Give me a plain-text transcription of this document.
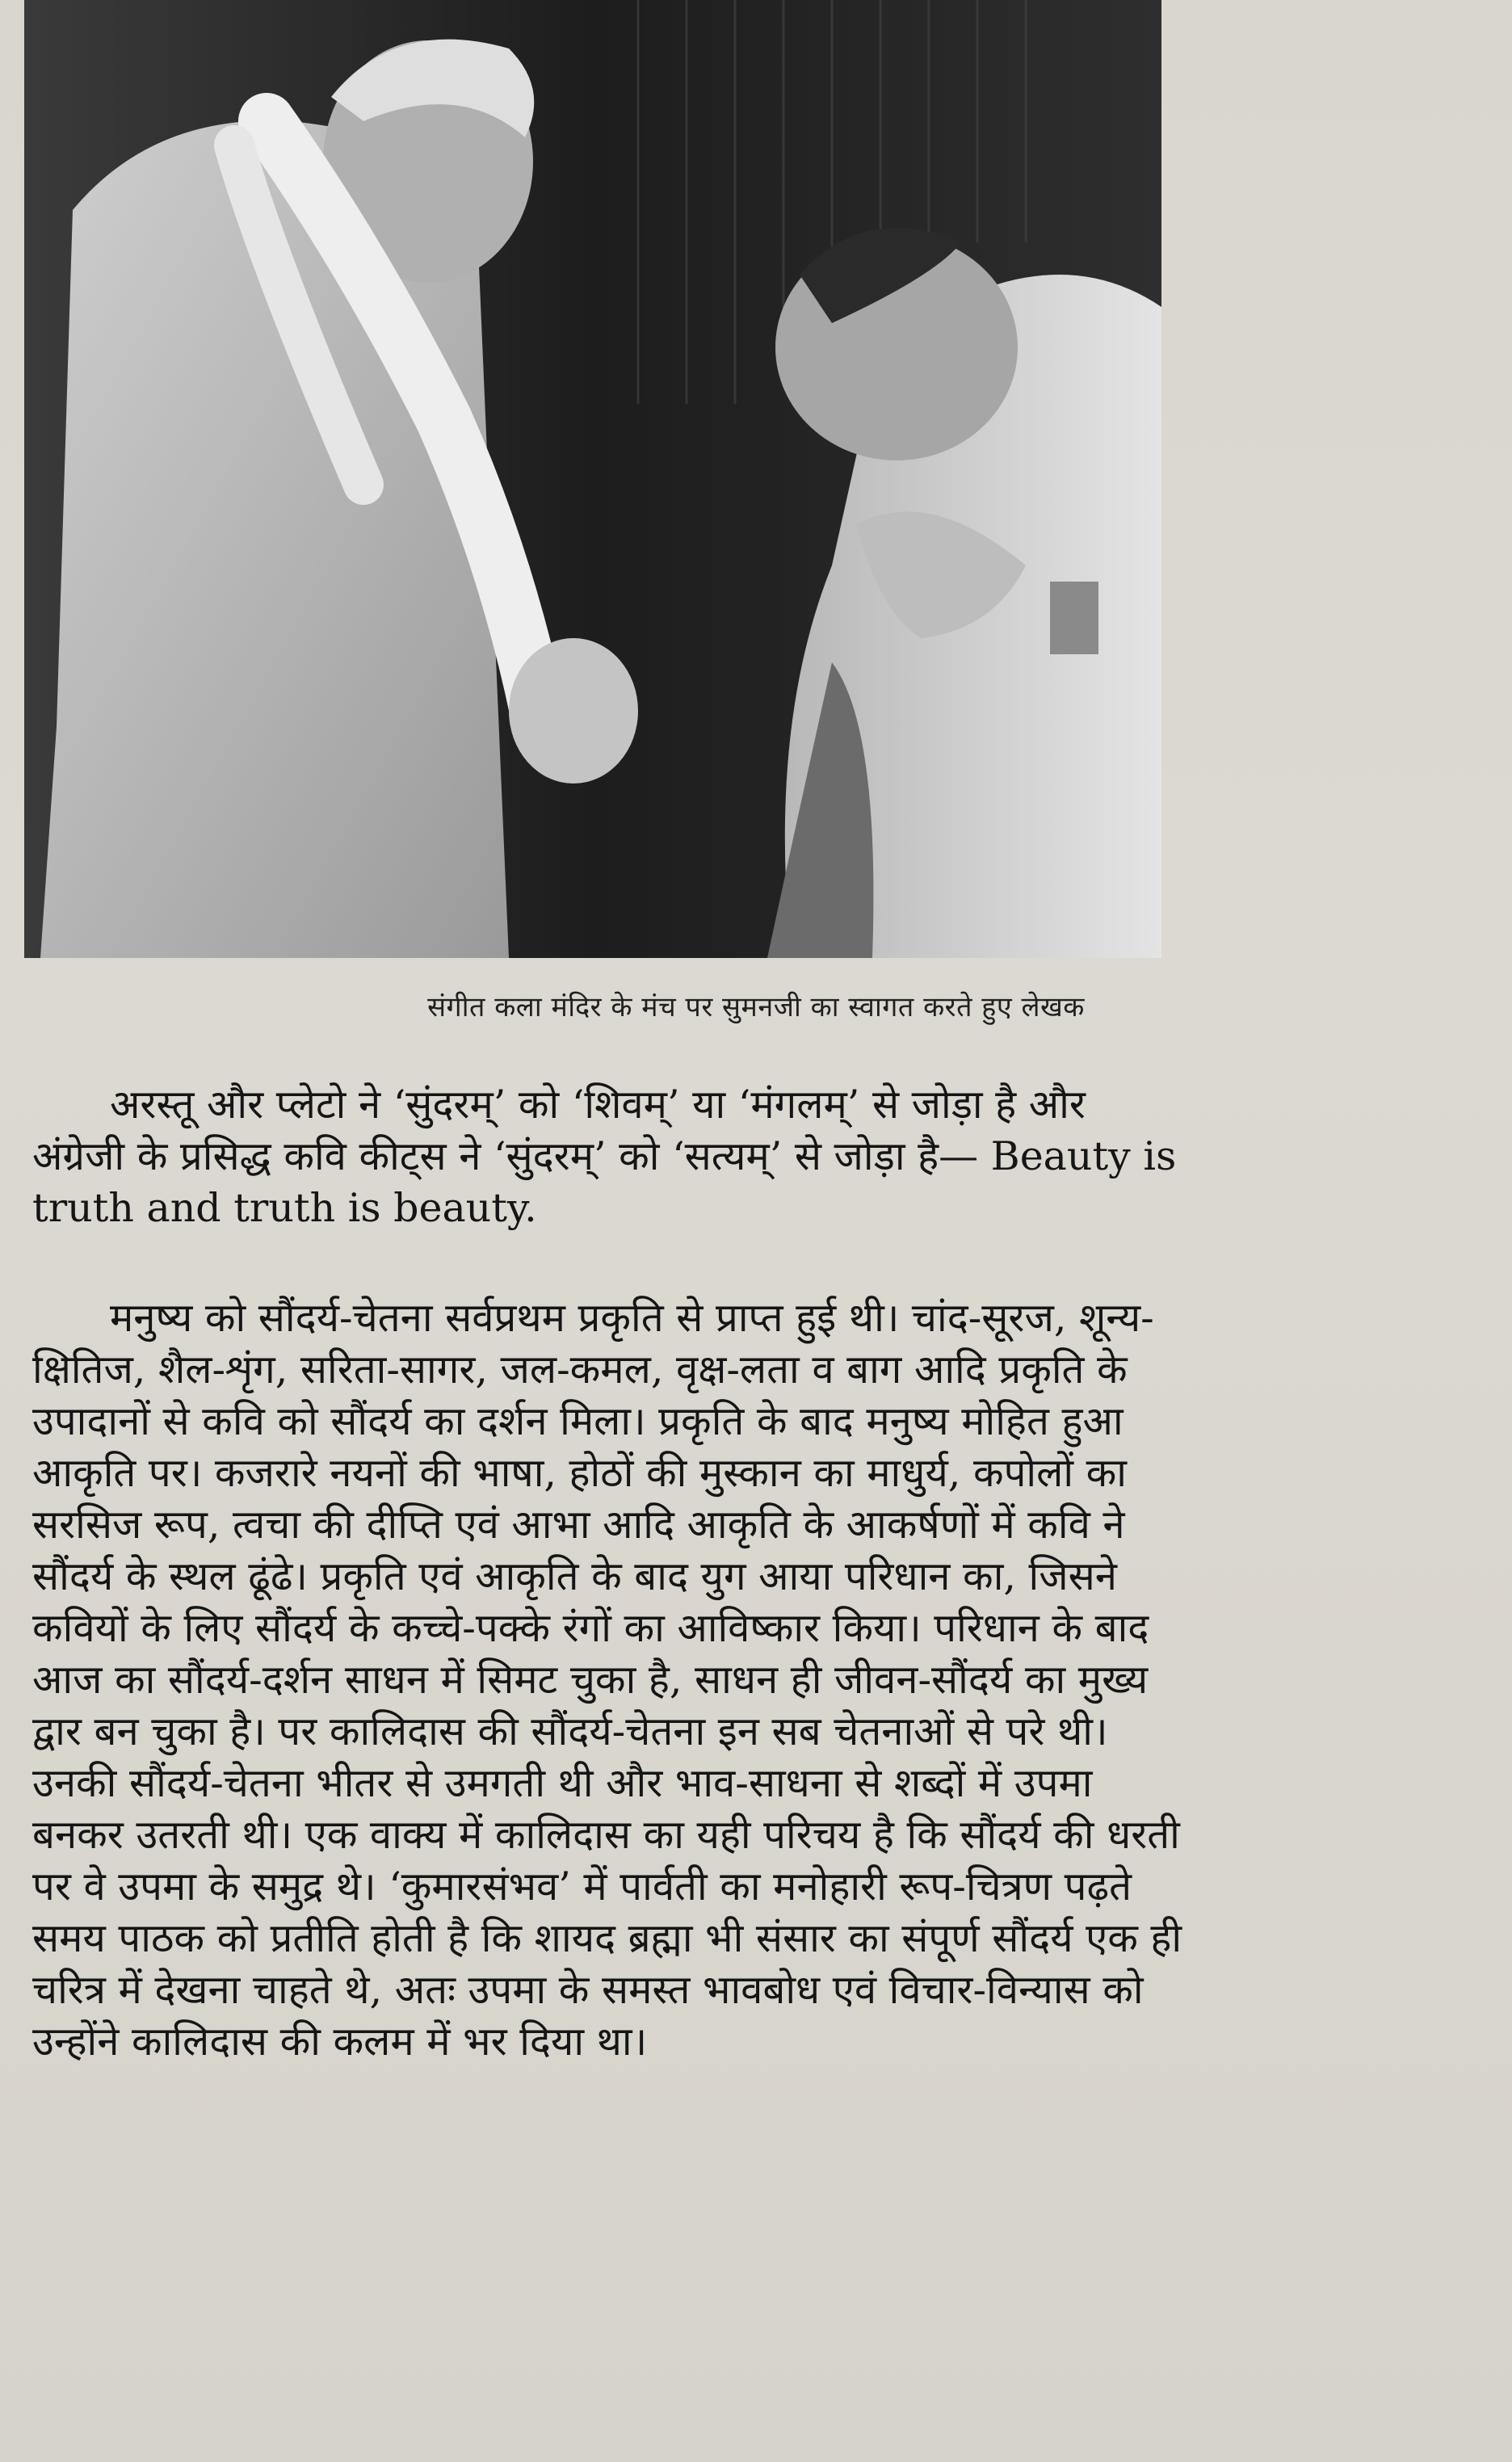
संगीत कला मंदिर के मंच पर सुमनजी का स्वागत करते हुए लेखक
अरस्तू और प्लेटो ने ‘सुंदरम्’ को ‘शिवम्’ या ‘मंगलम्’ से जोड़ा है और
अंग्रेजी के प्रसिद्ध कवि कीट्स ने ‘सुंदरम्’ को ‘सत्यम्’ से जोड़ा है— Beauty is
truth and truth is beauty.
मनुष्य को सौंदर्य-चेतना सर्वप्रथम प्रकृति से प्राप्त हुई थी। चांद-सूरज, शून्य-
क्षितिज, शैल-शृंग, सरिता-सागर, जल-कमल, वृक्ष-लता व बाग आदि प्रकृति के
उपादानों से कवि को सौंदर्य का दर्शन मिला। प्रकृति के बाद मनुष्य मोहित हुआ
आकृति पर। कजरारे नयनों की भाषा, होठों की मुस्कान का माधुर्य, कपोलों का
सरसिज रूप, त्वचा की दीप्ति एवं आभा आदि आकृति के आकर्षणों में कवि ने
सौंदर्य के स्थल ढूंढे। प्रकृति एवं आकृति के बाद युग आया परिधान का, जिसने
कवियों के लिए सौंदर्य के कच्चे-पक्के रंगों का आविष्कार किया। परिधान के बाद
आज का सौंदर्य-दर्शन साधन में सिमट चुका है, साधन ही जीवन-सौंदर्य का मुख्य
द्वार बन चुका है। पर कालिदास की सौंदर्य-चेतना इन सब चेतनाओं से परे थी।
उनकी सौंदर्य-चेतना भीतर से उमगती थी और भाव-साधना से शब्दों में उपमा
बनकर उतरती थी। एक वाक्य में कालिदास का यही परिचय है कि सौंदर्य की धरती
पर वे उपमा के समुद्र थे। ‘कुमारसंभव’ में पार्वती का मनोहारी रूप-चित्रण पढ़ते
समय पाठक को प्रतीति होती है कि शायद ब्रह्मा भी संसार का संपूर्ण सौंदर्य एक ही
चरित्र में देखना चाहते थे, अतः उपमा के समस्त भावबोध एवं विचार-विन्यास को
उन्होंने कालिदास की कलम में भर दिया था।
